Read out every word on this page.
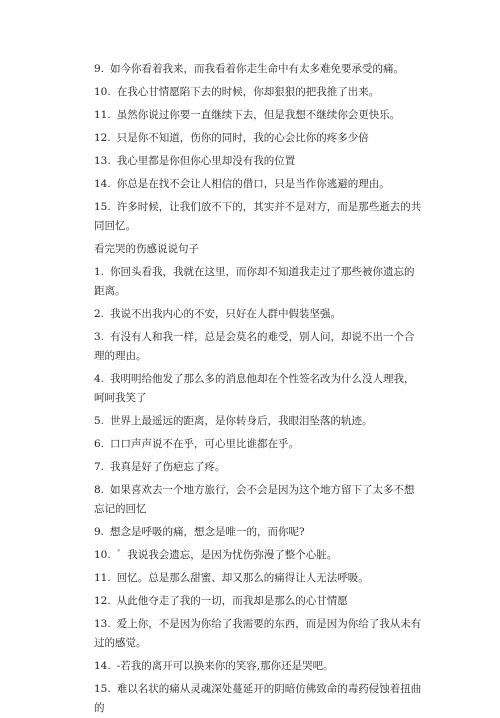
9. 如今你看着我来，而我看着你走生命中有太多难免要承受的痛。

10. 在我心甘情愿陷下去的时候，你却狠狠的把我推了出来。

11. 虽然你说过你要一直继续下去，但是我想不继续你会更快乐。

12. 只是你不知道，伤你的同时，我的心会比你的疼多少倍

13. 我心里都是你但你心里却没有我的位置

14. 你总是在找不会让人相信的借口，只是当作你逃避的理由。

15. 许多时候，让我们放不下的，其实并不是对方，而是那些逝去的共同回忆。

看完哭的伤感说说句子

1. 你回头看我，我就在这里，而你却不知道我走过了那些被你遗忘的距离。

2. 我说不出我内心的不安，只好在人群中假装坚强。

3. 有没有人和我一样，总是会莫名的难受，别人问，却说不出一个合理的理由。

4. 我明明给他发了那么多的消息他却在个性签名改为什么没人理我，呵呵我笑了

5. 世界上最遥远的距离，是你转身后，我眼泪坠落的轨迹。

6. 口口声声说不在乎，可心里比谁都在乎。

7. 我真是好了伤疤忘了疼。

8. 如果喜欢去一个地方旅行，会不会是因为这个地方留下了太多不想忘记的回忆

9. 想念是呼吸的痛，想念是唯一的，而你呢?

10. ゛我说我会遗忘，是因为忧伤弥漫了整个心脏。

11. 回忆。总是那么甜蜜、却又那么的痛得让人无法呼吸。

12. 从此他夺走了我的一切，而我却是那么的心甘情愿

13. 爱上你，不是因为你给了我需要的东西，而是因为你给了我从未有过的感觉。

14. -若我的离开可以换来你的笑容,那你还是哭吧。

15. 难以名状的痛从灵魂深处蔓延开的阴暗仿佛致命的毒药侵蚀着扭曲的
